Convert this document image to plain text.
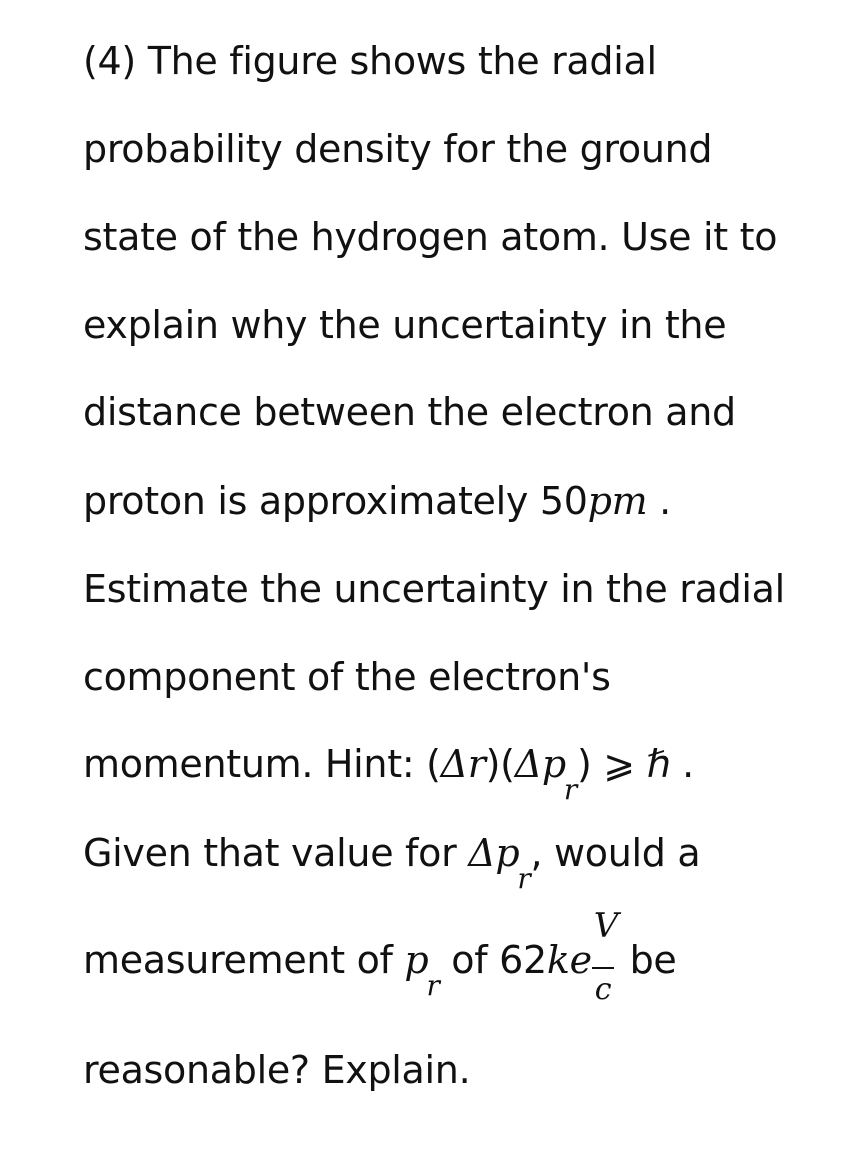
(4) The figure shows the radial
probability density for the ground
state of the hydrogen atom. Use it to
explain why the uncertainty in the
distance between the electron and
proton is approximately 50pm .
Estimate the uncertainty in the radial
component of the electron's
momentum. Hint: $(\Delta r)(\Delta p_r)$ ⩾ ℏ .
Given that value for $\Delta p_r$, would a
measurement of $p_r$ of $62ke \frac{V}{c}$ be
reasonable? Explain.
